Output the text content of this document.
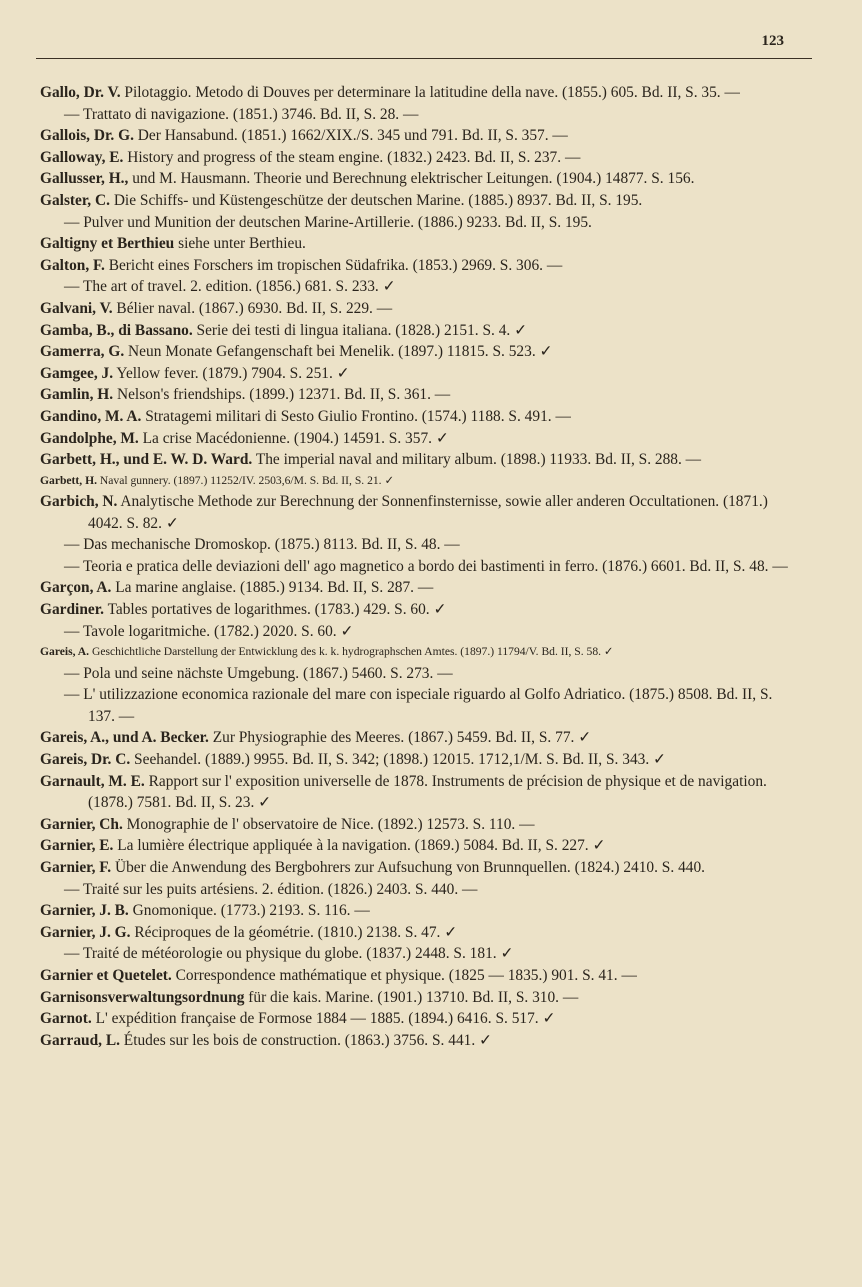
123

Gallo, Dr. V. Pilotaggio. Metodo di Douves per determinare la latitudine della nave. (1855.) 605. Bd. II, S. 35. —

— Trattato di navigazione. (1851.) 3746. Bd. II, S. 28. —

Gallois, Dr. G. Der Hansabund. (1851.) 1662/XIX./S. 345 und 791. Bd. II, S. 357. —

Galloway, E. History and progress of the steam engine. (1832.) 2423. Bd. II, S. 237. —

Gallusser, H., und M. Hausmann. Theorie und Berechnung elektrischer Leitungen. (1904.) 14877. S. 156.

Galster, C. Die Schiffs- und Küstengeschütze der deutschen Marine. (1885.) 8937. Bd. II, S. 195.

— Pulver und Munition der deutschen Marine-Artillerie. (1886.) 9233. Bd. II, S. 195.

Galtigny et Berthieu siehe unter Berthieu.

Galton, F. Bericht eines Forschers im tropischen Südafrika. (1853.) 2969. S. 306. —

— The art of travel. 2. edition. (1856.) 681. S. 233. ✓

Galvani, V. Bélier naval. (1867.) 6930. Bd. II, S. 229. —

Gamba, B., di Bassano. Serie dei testi di lingua italiana. (1828.) 2151. S. 4. ✓

Gamerra, G. Neun Monate Gefangenschaft bei Menelik. (1897.) 11815. S. 523. ✓

Gamgee, J. Yellow fever. (1879.) 7904. S. 251. ✓

Gamlin, H. Nelson's friendships. (1899.) 12371. Bd. II, S. 361. —

Gandino, M. A. Stratagemi militari di Sesto Giulio Frontino. (1574.) 1188. S. 491. —

Gandolphe, M. La crise Macédonienne. (1904.) 14591. S. 357. ✓

Garbett, H., und E. W. D. Ward. The imperial naval and military album. (1898.) 11933. Bd. II, S. 288. —

Garbett, H. Naval gunnery. (1897.) 11252/IV. 2503,6/M. S. Bd. II, S. 21. ✓

Garbich, N. Analytische Methode zur Berechnung der Sonnenfinsternisse, sowie aller anderen Occultationen. (1871.) 4042. S. 82. ✓

— Das mechanische Dromoskop. (1875.) 8113. Bd. II, S. 48. —

— Teoria e pratica delle deviazioni dell' ago magnetico a bordo dei bastimenti in ferro. (1876.) 6601. Bd. II, S. 48. —

Garçon, A. La marine anglaise. (1885.) 9134. Bd. II, S. 287. —

Gardiner. Tables portatives de logarithmes. (1783.) 429. S. 60. ✓

— Tavole logaritmiche. (1782.) 2020. S. 60. ✓

Gareis, A. Geschichtliche Darstellung der Entwicklung des k. k. hydrographschen Amtes. (1897.) 11794/V. Bd. II, S. 58. ✓

— Pola und seine nächste Umgebung. (1867.) 5460. S. 273. —

— L' utilizzazione economica razionale del mare con ispeciale riguardo al Golfo Adriatico. (1875.) 8508. Bd. II, S. 137. —

Gareis, A., und A. Becker. Zur Physiographie des Meeres. (1867.) 5459. Bd. II, S. 77. ✓

Gareis, Dr. C. Seehandel. (1889.) 9955. Bd. II, S. 342; (1898.) 12015. 1712,1/M. S. Bd. II, S. 343. ✓

Garnault, M. E. Rapport sur l' exposition universelle de 1878. Instruments de précision de physique et de navigation. (1878.) 7581. Bd. II, S. 23. ✓

Garnier, Ch. Monographie de l' observatoire de Nice. (1892.) 12573. S. 110. —

Garnier, E. La lumière électrique appliquée à la navigation. (1869.) 5084. Bd. II, S. 227. ✓

Garnier, F. Über die Anwendung des Bergbohrers zur Aufsuchung von Brunnquellen. (1824.) 2410. S. 440.

— Traité sur les puits artésiens. 2. édition. (1826.) 2403. S. 440. —

Garnier, J. B. Gnomonique. (1773.) 2193. S. 116. —

Garnier, J. G. Réciproques de la géométrie. (1810.) 2138. S. 47. ✓

— Traité de météorologie ou physique du globe. (1837.) 2448. S. 181. ✓

Garnier et Quetelet. Correspondence mathématique et physique. (1825 — 1835.) 901. S. 41. —

Garnisonsverwaltungsordnung für die kais. Marine. (1901.) 13710. Bd. II, S. 310. —

Garnot. L' expédition française de Formose 1884 — 1885. (1894.) 6416. S. 517. ✓

Garraud, L. Études sur les bois de construction. (1863.) 3756. S. 441. ✓
